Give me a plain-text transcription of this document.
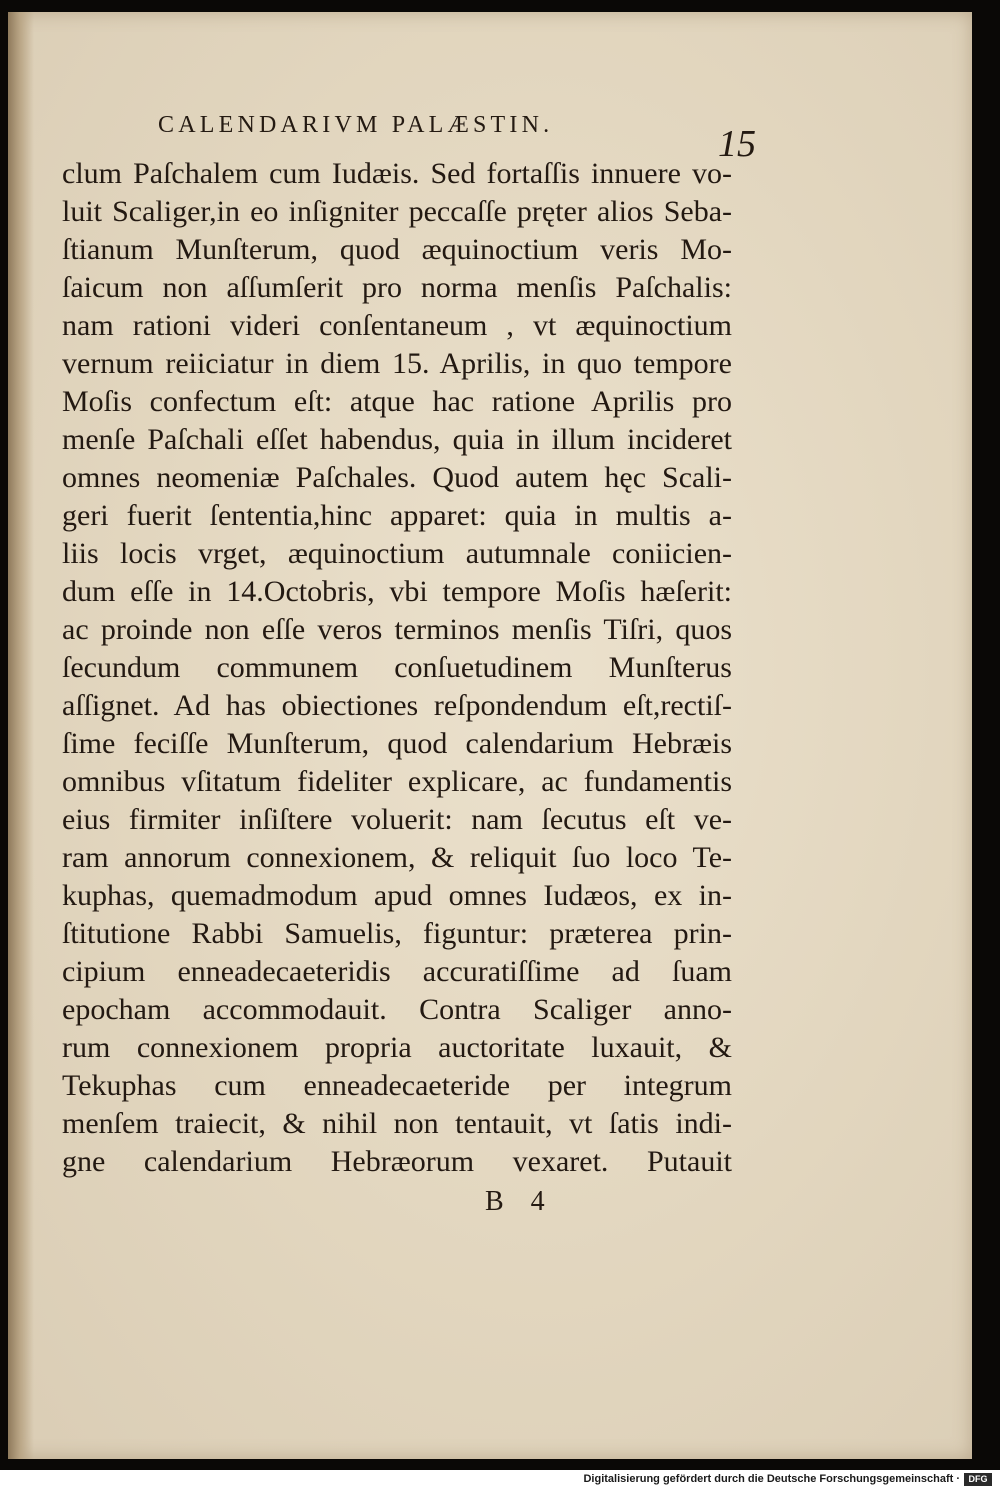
CALENDARIVM PALÆSTIN.	15
clum Paſchalem cum Iudæis. Sed fortaſſis innuere vo-
luit Scaliger,in eo inſigniter peccaſſe pręter alios Seba-
ſtianum Munſterum, quod æquinoctium veris Mo-
ſaicum non aſſumſerit pro norma menſis Paſchalis:
nam rationi videri conſentaneum , vt æquinoctium
vernum reiiciatur in diem 15. Aprilis, in quo tempore
Moſis confectum eſt: atque hac ratione Aprilis pro
menſe Paſchali eſſet habendus, quia in illum incideret
omnes neomeniæ Paſchales. Quod autem hęc Scali-
geri fuerit ſententia,hinc apparet: quia in multis a-
liis locis vrget, æquinoctium autumnale coniicien-
dum eſſe in 14.Octobris, vbi tempore Moſis hæſerit:
ac proinde non eſſe veros terminos menſis Tiſri, quos
ſecundum communem conſuetudinem Munſterus
aſſignet. Ad has obiectiones reſpondendum eſt,rectiſ-
ſime feciſſe Munſterum, quod calendarium Hebræis
omnibus vſitatum fideliter explicare, ac fundamentis
eius firmiter inſiſtere voluerit: nam ſecutus eſt ve-
ram annorum connexionem, & reliquit ſuo loco Te-
kuphas, quemadmodum apud omnes Iudæos, ex in-
ſtitutione Rabbi Samuelis, figuntur: præterea prin-
cipium enneadecaeteridis accuratiſſime ad ſuam
epocham accommodauit. Contra Scaliger anno-
rum connexionem propria auctoritate luxauit, &
Tekuphas cum enneadecaeteride per integrum
menſem traiecit, & nihil non tentauit, vt ſatis indi-
gne calendarium Hebræorum vexaret. Putauit
B 4
Digitalisierung gefördert durch die Deutsche Forschungsgemeinschaft · DFG
